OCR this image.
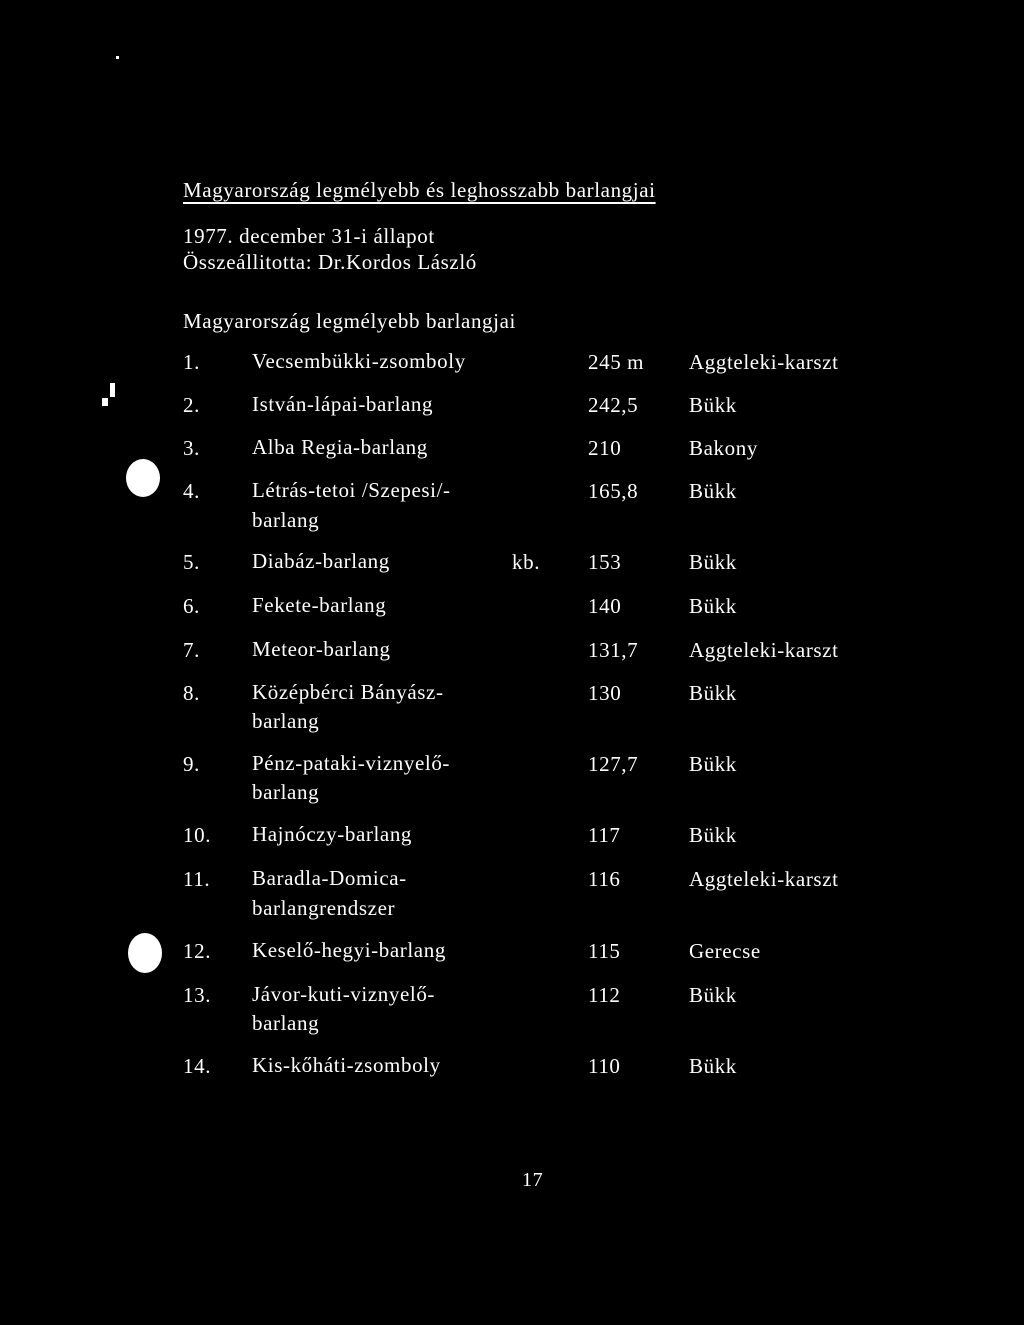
Magyarország legmélyebb és leghosszabb barlangjai
1977. december 31-i állapot
Összeállitotta: Dr.Kordos László
Magyarország legmélyebb barlangjai
1. Vecsembükki-zsomboly	245 m Aggteleki-karszt
2. István-lápai-barlang	242,5 Bükk
3. Alba Regia-barlang	210	Bakony
4. Létrás-tetoi /Szepesi/-
barlang
165,8 Bükk
5. Diabáz-barlang	kb. 153	Bükk
6. Fekete-barlang	140	Bükk
7. Meteor-barlang	131,7 Aggteleki-karszt
8. Középbérci Bányász-
barlang
130	Bükk
9. Pénz-pataki-viznyelő-
barlang
127,7 Bükk
10. Hajnóczy-barlang	117	Bükk
11. Baradla-Domica-
barlangrendszer
116	Aggteleki-karszt
12. Keselő-hegyi-barlang	115	Gerecse
13. Jávor-kuti-viznyelő-
barlang
112	Bükk
14. Kis-kőháti-zsomboly	110	Bükk
17
